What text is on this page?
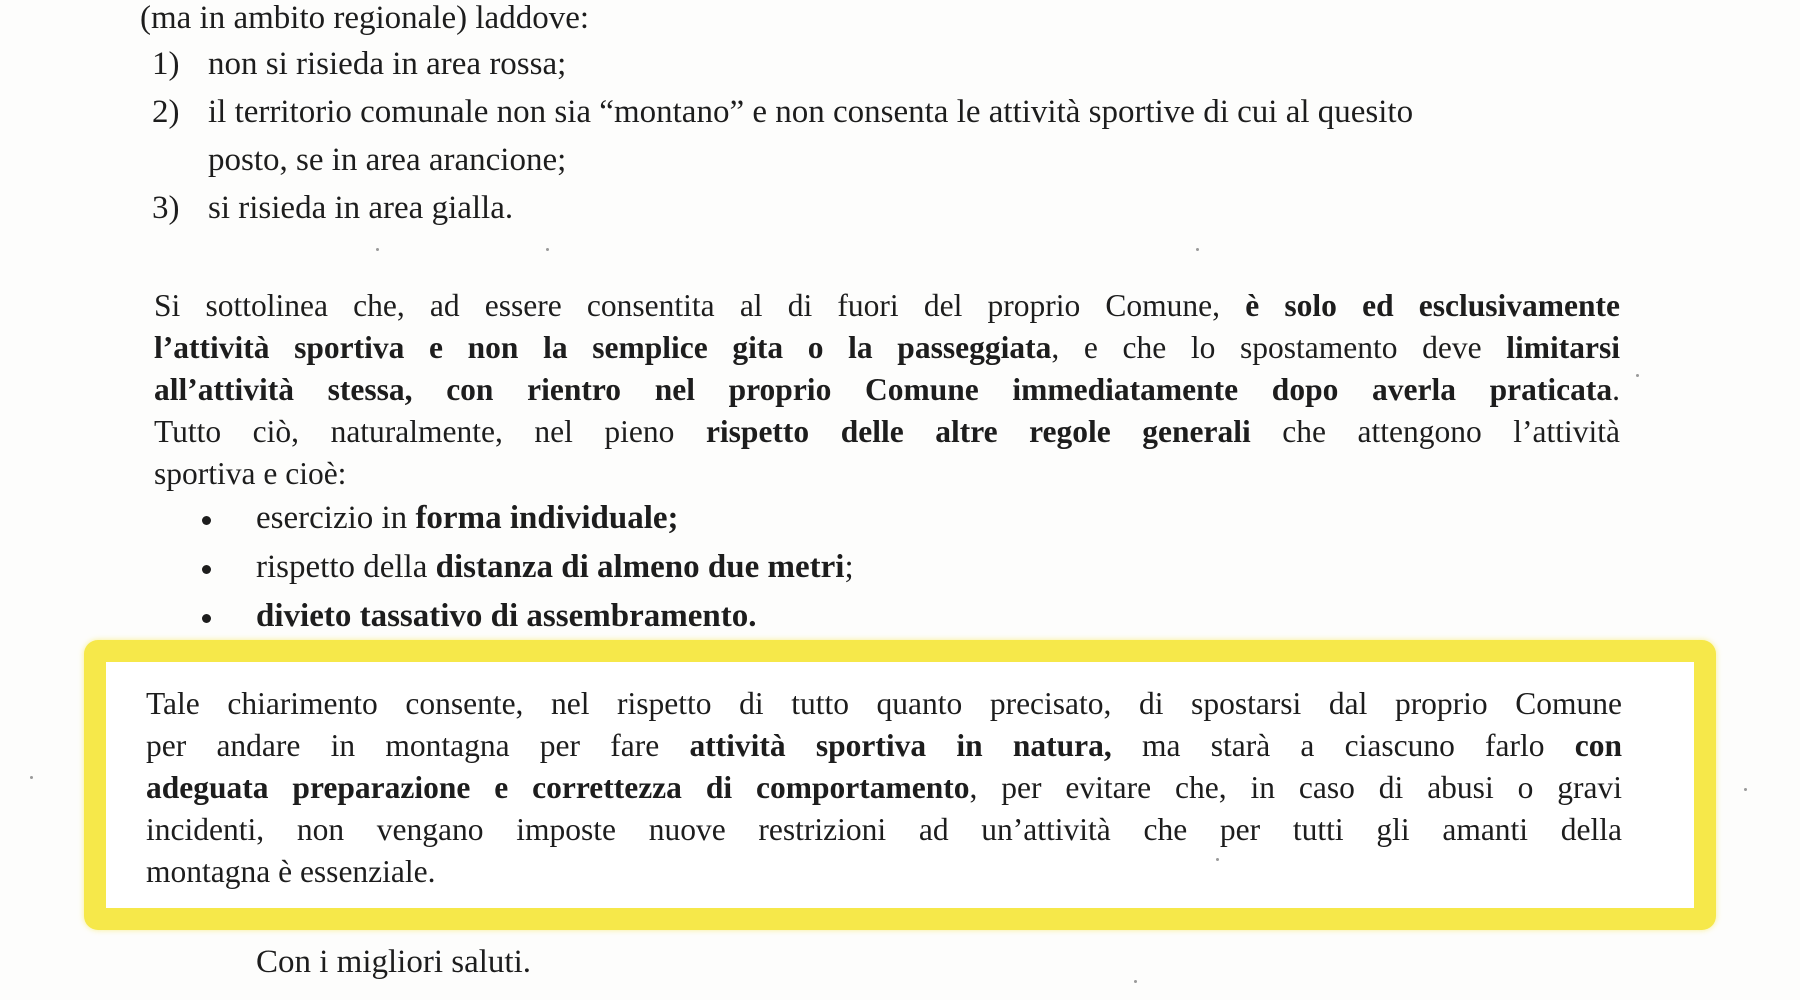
(ma in ambito regionale) laddove:
1) non si risieda in area rossa;
2) il territorio comunale non sia “montano” e non consenta le attività sportive di cui al quesito
posto, se in area arancione;
3) si risieda in area gialla.
Si sottolinea che, ad essere consentita al di fuori del proprio Comune, è solo ed esclusivamente
l’attività sportiva e non la semplice gita o la passeggiata, e che lo spostamento deve limitarsi
all’attività stessa, con rientro nel proprio Comune immediatamente dopo averla praticata.
Tutto ciò, naturalmente, nel pieno rispetto delle altre regole generali che attengono l’attività
sportiva e cioè:
esercizio in forma individuale;
rispetto della distanza di almeno due metri;
divieto tassativo di assembramento.
Tale chiarimento consente, nel rispetto di tutto quanto precisato, di spostarsi dal proprio Comune
per andare in montagna per fare attività sportiva in natura, ma starà a ciascuno farlo con
adeguata preparazione e correttezza di comportamento, per evitare che, in caso di abusi o gravi
incidenti, non vengano imposte nuove restrizioni ad un’attività che per tutti gli amanti della
montagna è essenziale.
Con i migliori saluti.
